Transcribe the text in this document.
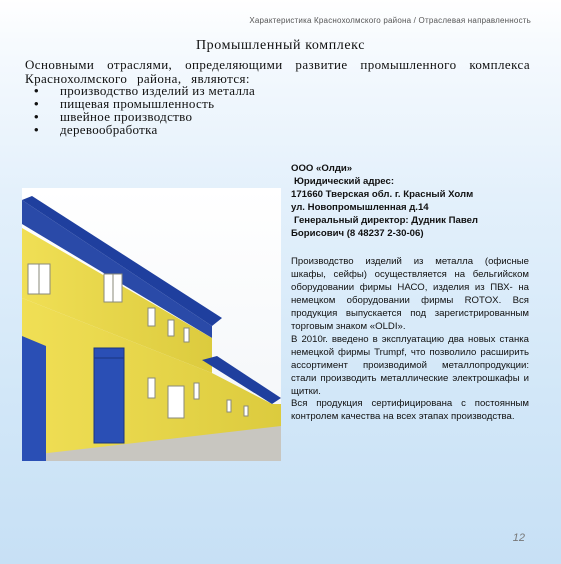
Характеристика Краснохолмского района / Отраслевая направленность
Промышленный комплекс
Основными отраслями, определяющими развитие промышленного комплекса Краснохолмского района, являются:
• производство изделий из металла
• пищевая промышленность
• швейное производство
• деревообработка
ООО «Олди»
Юридический адрес:
171660 Тверская обл. г. Красный Холм
ул. Новопромышленная д.14
Генеральный директор: Дудник Павел
Борисович (8 48237 2-30-06)
Производство изделий из металла (офисные шкафы, сейфы) осуществляется на бельгийском оборудовании фирмы НАСО, изделия из ПВХ- на немецком оборудовании фирмы ROTOX. Вся продукция выпускается под зарегистрированным торговым знаком «OLDI».
В 2010г. введено в эксплуатацию два новых станка немецкой фирмы Trumpf, что позволило расширить ассортимент производимой металлопродукции: стали производить металлические электрошкафы и щитки.
Вся продукция сертифицирована с постоянным контролем качества на всех этапах производства.
12
